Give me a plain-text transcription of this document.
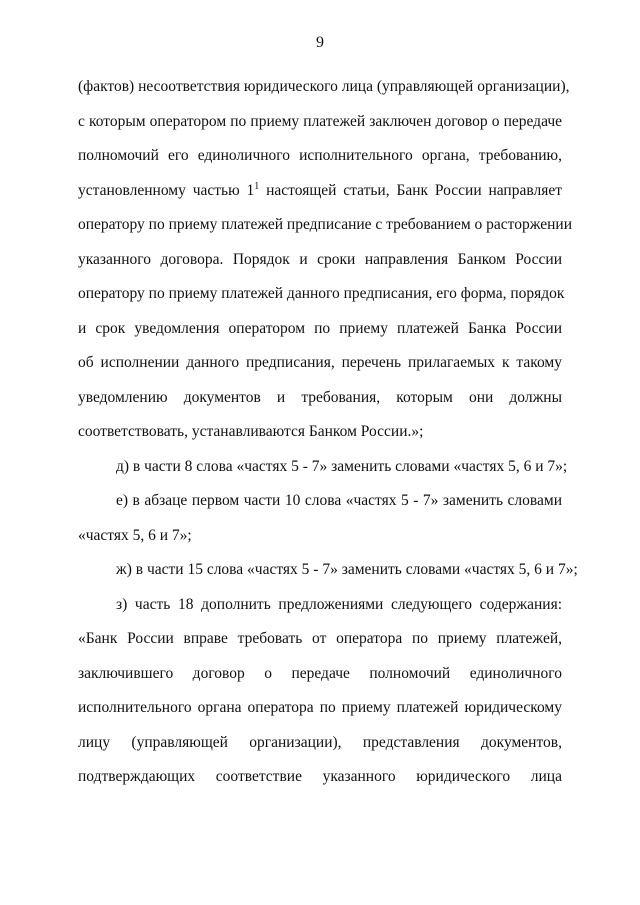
9
(фактов) несоответствия юридического лица (управляющей организации),
с которым оператором по приему платежей заключен договор о передаче
полномочий его единоличного исполнительного органа, требованию,
установленному частью $1^1$ настоящей статьи, Банк России направляет
оператору по приему платежей предписание с требованием о расторжении
указанного договора. Порядок и сроки направления Банком России
оператору по приему платежей данного предписания, его форма, порядок
и срок уведомления оператором по приему платежей Банка России
об исполнении данного предписания, перечень прилагаемых к такому
уведомлению документов и требования, которым они должны
соответствовать, устанавливаются Банком России.»;
д) в части 8 слова «частях 5 - 7» заменить словами «частях 5, 6 и 7»;
е) в абзаце первом части 10 слова «частях 5 - 7» заменить словами
«частях 5, 6 и 7»;
ж) в части 15 слова «частях 5 - 7» заменить словами «частях 5, 6 и 7»;
з) часть 18 дополнить предложениями следующего содержания:
«Банк России вправе требовать от оператора по приему платежей,
заключившего договор о передаче полномочий единоличного
исполнительного органа оператора по приему платежей юридическому
лицу (управляющей организации), представления документов,
подтверждающих соответствие указанного юридического лица
